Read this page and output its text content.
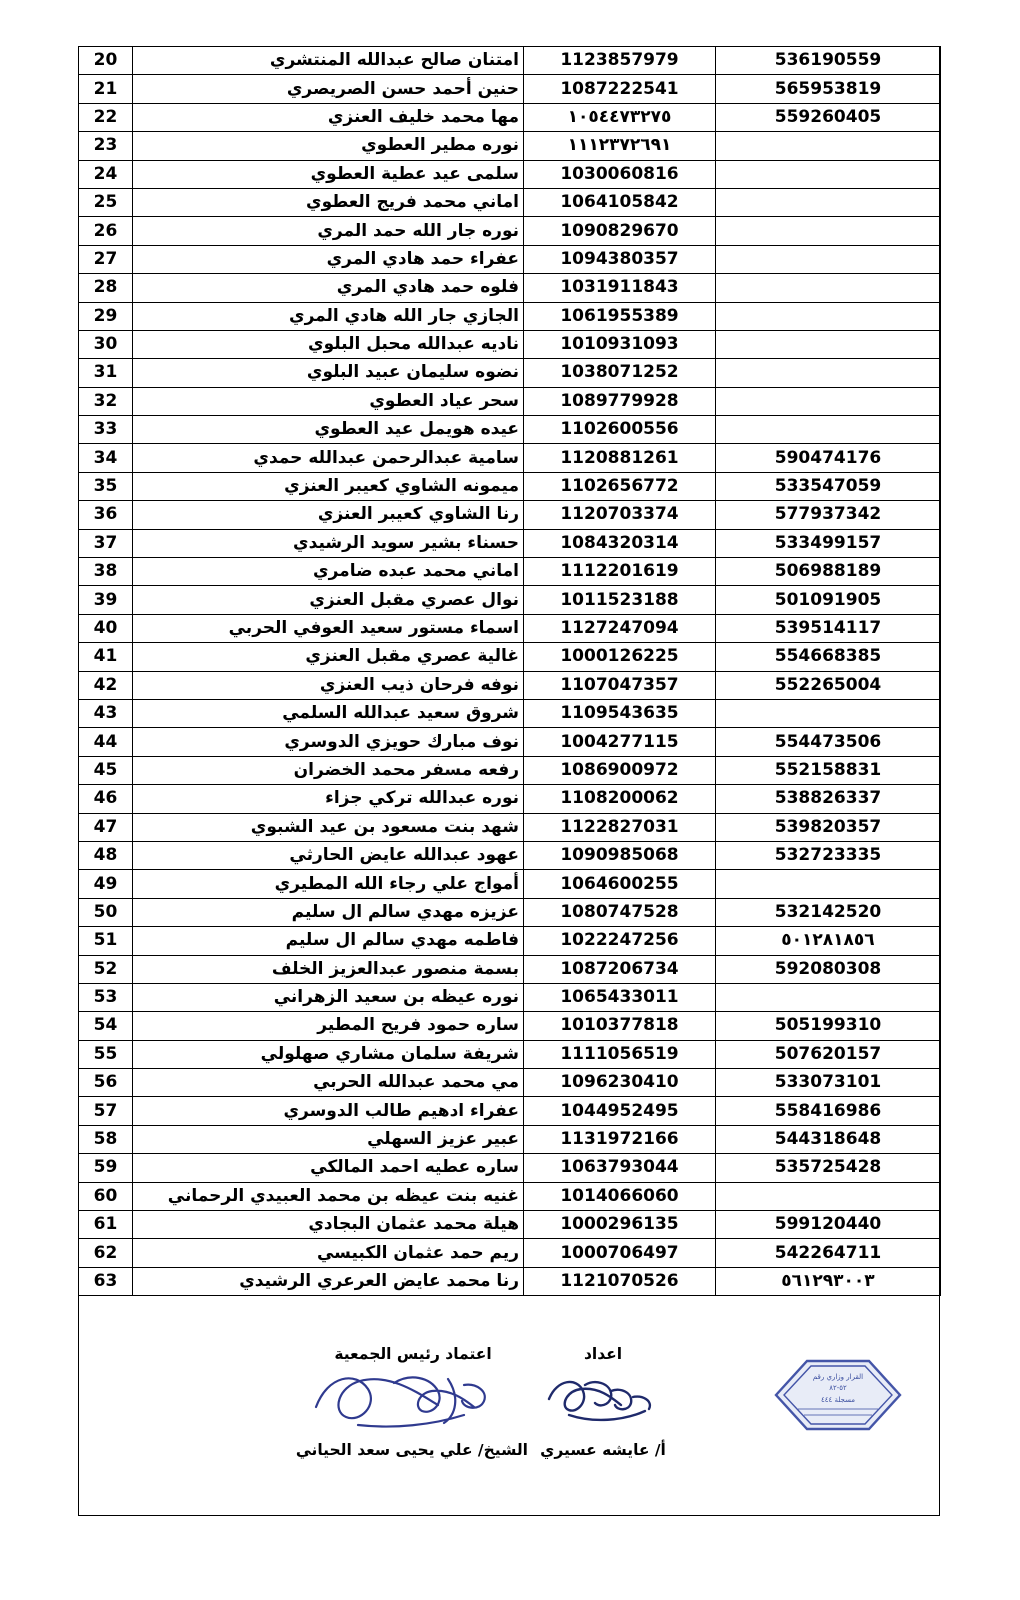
536190559	1123857979	امتنان صالح عبدالله المنتشري	20
565953819	1087222541	حنين أحمد حسن الصريصري	21
559260405	١٠٥٤٤٧٣٢٧٥	مها محمد خليف العنزي	22
	١١١٢٣٧٢٦٩١	نوره مطير العطوي	23
	1030060816	سلمى عيد عطية العطوي	24
	1064105842	اماني محمد فريج العطوي	25
	1090829670	نوره جار الله حمد المري	26
	1094380357	عفراء حمد هادي المري	27
	1031911843	فلوه حمد هادي المري	28
	1061955389	الجازي جار الله هادي المري	29
	1010931093	ناديه عبدالله محبل البلوي	30
	1038071252	نضوه سليمان عبيد البلوي	31
	1089779928	سحر عياد العطوي	32
	1102600556	عيده هويمل عيد العطوي	33
590474176	1120881261	سامية عبدالرحمن عبدالله حمدي	34
533547059	1102656772	ميمونه الشاوي كعيبر العنزي	35
577937342	1120703374	رنا الشاوي كعيبر العنزي	36
533499157	1084320314	حسناء بشير سويد الرشيدي	37
506988189	1112201619	اماني محمد عبده ضامري	38
501091905	1011523188	نوال عصري مقبل العنزي	39
539514117	1127247094	اسماء مستور سعيد العوفي الحربي	40
554668385	1000126225	غالية عصري مقبل العنزي	41
552265004	1107047357	نوفه فرحان ذيب العنزي	42
	1109543635	شروق سعيد عبدالله السلمي	43
554473506	1004277115	نوف مبارك حويزي الدوسري	44
552158831	1086900972	رفعه مسفر محمد الخضران	45
538826337	1108200062	نوره عبدالله تركي جزاء	46
539820357	1122827031	شهد بنت مسعود بن عيد الشبوي	47
532723335	1090985068	عهود عبدالله عايض الحارثي	48
	1064600255	أمواج علي رجاء الله المطيري	49
532142520	1080747528	عزيزه مهدي سالم ال سليم	50
٥٠١٢٨١٨٥٦	1022247256	فاطمه مهدي سالم ال سليم	51
592080308	1087206734	بسمة منصور عبدالعزيز الخلف	52
	1065433011	نوره عيظه بن سعيد الزهراني	53
505199310	1010377818	ساره حمود فريح المطير	54
507620157	1111056519	شريفة سلمان مشاري صهلولي	55
533073101	1096230410	مي محمد عبدالله الحربي	56
558416986	1044952495	عفراء ادهيم طالب الدوسري	57
544318648	1131972166	عبير عزيز السهلي	58
535725428	1063793044	ساره عطيه احمد المالكي	59
	1014066060	غنيه بنت عيظه بن محمد العبيدي الرحماني	60
599120440	1000296135	هيلة محمد عثمان البجادي	61
542264711	1000706497	ريم حمد عثمان الكبيسي	62
٥٦١٢٩٣٠٠٣	1121070526	رنا محمد عايض العرعري الرشيدي	63
اعتماد رئيس الجمعية
الشيخ/ علي يحيى سعد الحياني
اعداد
أ/ عايشه عسيري
القرار وزاري رقم
٥٢-٨٢
مسجلة ٤٤٤
